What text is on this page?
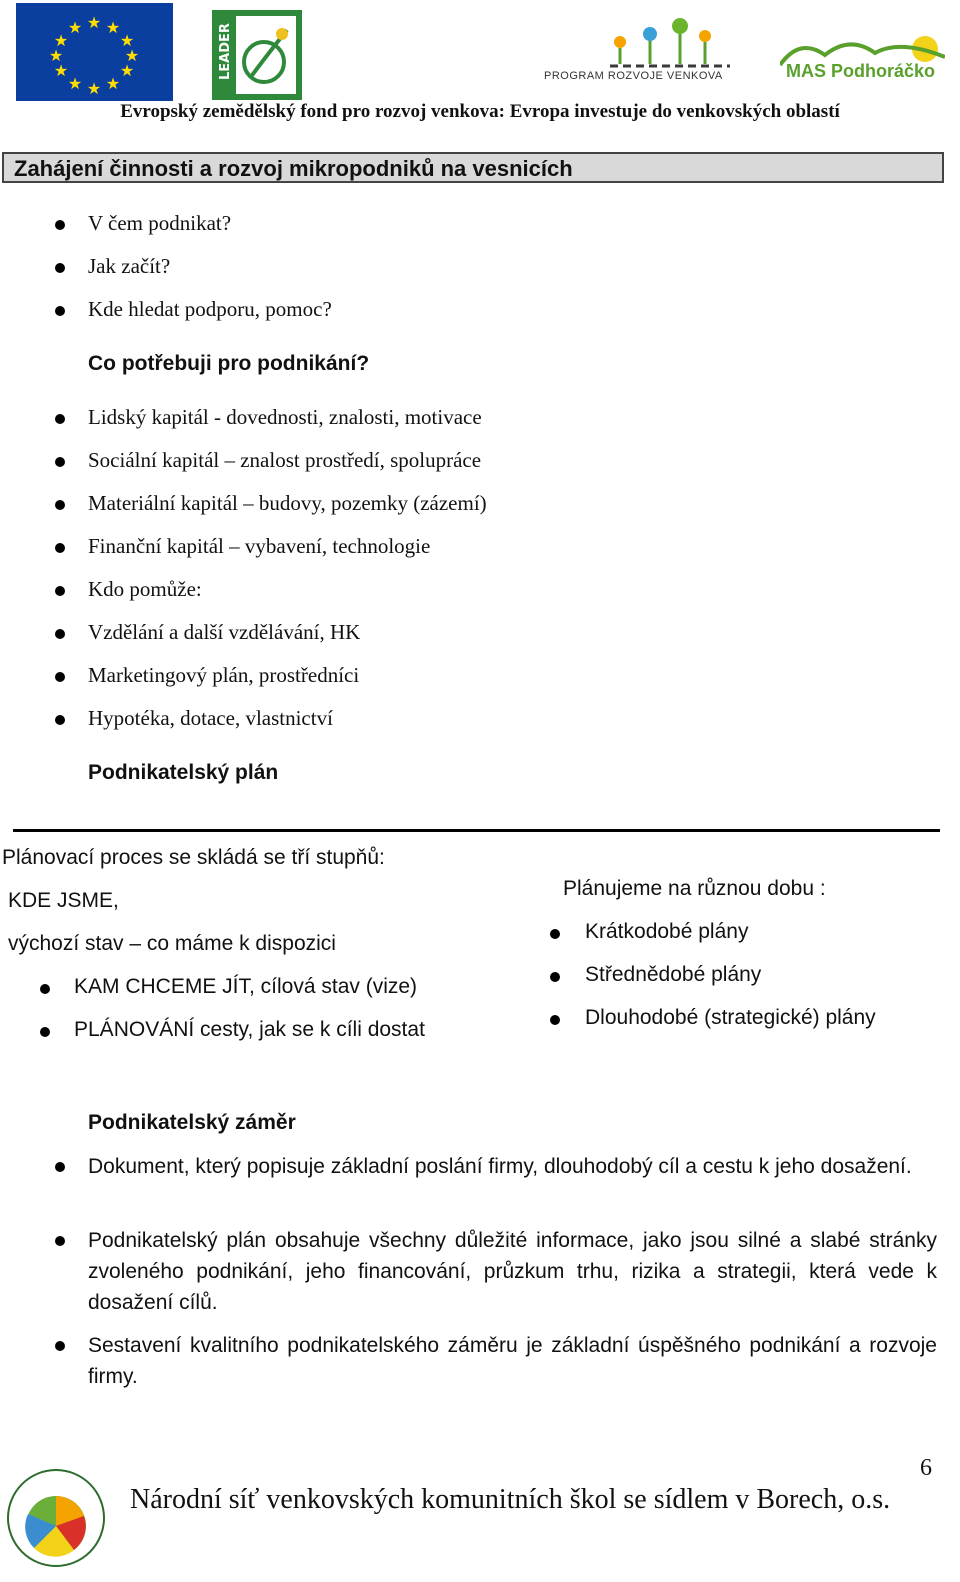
★ ★
★
★
★
★
★
★
★
★
★
★	LEADER	PROGRAM ROZVOJE VENKOVA	MAS Podhoráčko
Evropský zemědělský fond pro rozvoj venkova: Evropa investuje do venkovských oblastí
Zahájení činnosti a rozvoj mikropodniků na vesnicích
V čem podnikat?
Jak začít?
Kde hledat podporu, pomoc?
Co potřebuji pro podnikání?
Lidský kapitál - dovednosti, znalosti, motivace
Sociální kapitál – znalost prostředí, spolupráce
Materiální kapitál – budovy, pozemky (zázemí)
Finanční kapitál – vybavení, technologie
Kdo pomůže:
Vzdělání a další vzdělávání, HK
Marketingový plán, prostředníci
Hypotéka, dotace, vlastnictví
Podnikatelský plán
Plánovací proces se skládá se tří stupňů:
KDE JSME,
výchozí stav – co máme k dispozici
KAM CHCEME JÍT, cílová stav (vize)
PLÁNOVÁNÍ cesty, jak se k cíli dostat
Plánujeme na různou dobu :
Krátkodobé plány
Střednědobé plány
Dlouhodobé (strategické) plány
Podnikatelský záměr
Dokument, který popisuje základní poslání firmy, dlouhodobý cíl a cestu k jeho dosažení.
Podnikatelský plán obsahuje všechny důležité informace, jako jsou silné a slabé stránky zvoleného podnikání, jeho financování, průzkum trhu, rizika a strategii, která vede k dosažení cílů.
Sestavení kvalitního podnikatelského záměru je základní úspěšného podnikání a rozvoje firmy.
Národní síť venkovských komunitních škol se sídlem v Borech, o.s.
6
